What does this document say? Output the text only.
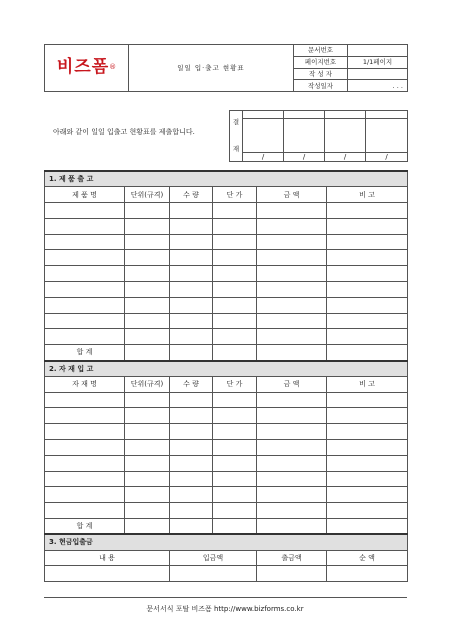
비즈폼®	일일 입·출고 현황표	문서번호	
		페이지번호	1/1페이지
		작 성 자	
		작성일자	. . .
아래와 같이 일일 입출고 현황표를 제출합니다.
결

재				

	/	/	/	/
1. 제 품 출 고					
제 품 명	단위(규격)	수 량	단 가	금 액	비 고

합 계					
2. 자 재 입 고					
자 재 명	단위(규격)	수 량	단 가	금 액	비 고

합 계					
3. 현금입출금					
내 용		입금액		출금액	순 액

문서서식 포탈 비즈폼 http://www.bizforms.co.kr
